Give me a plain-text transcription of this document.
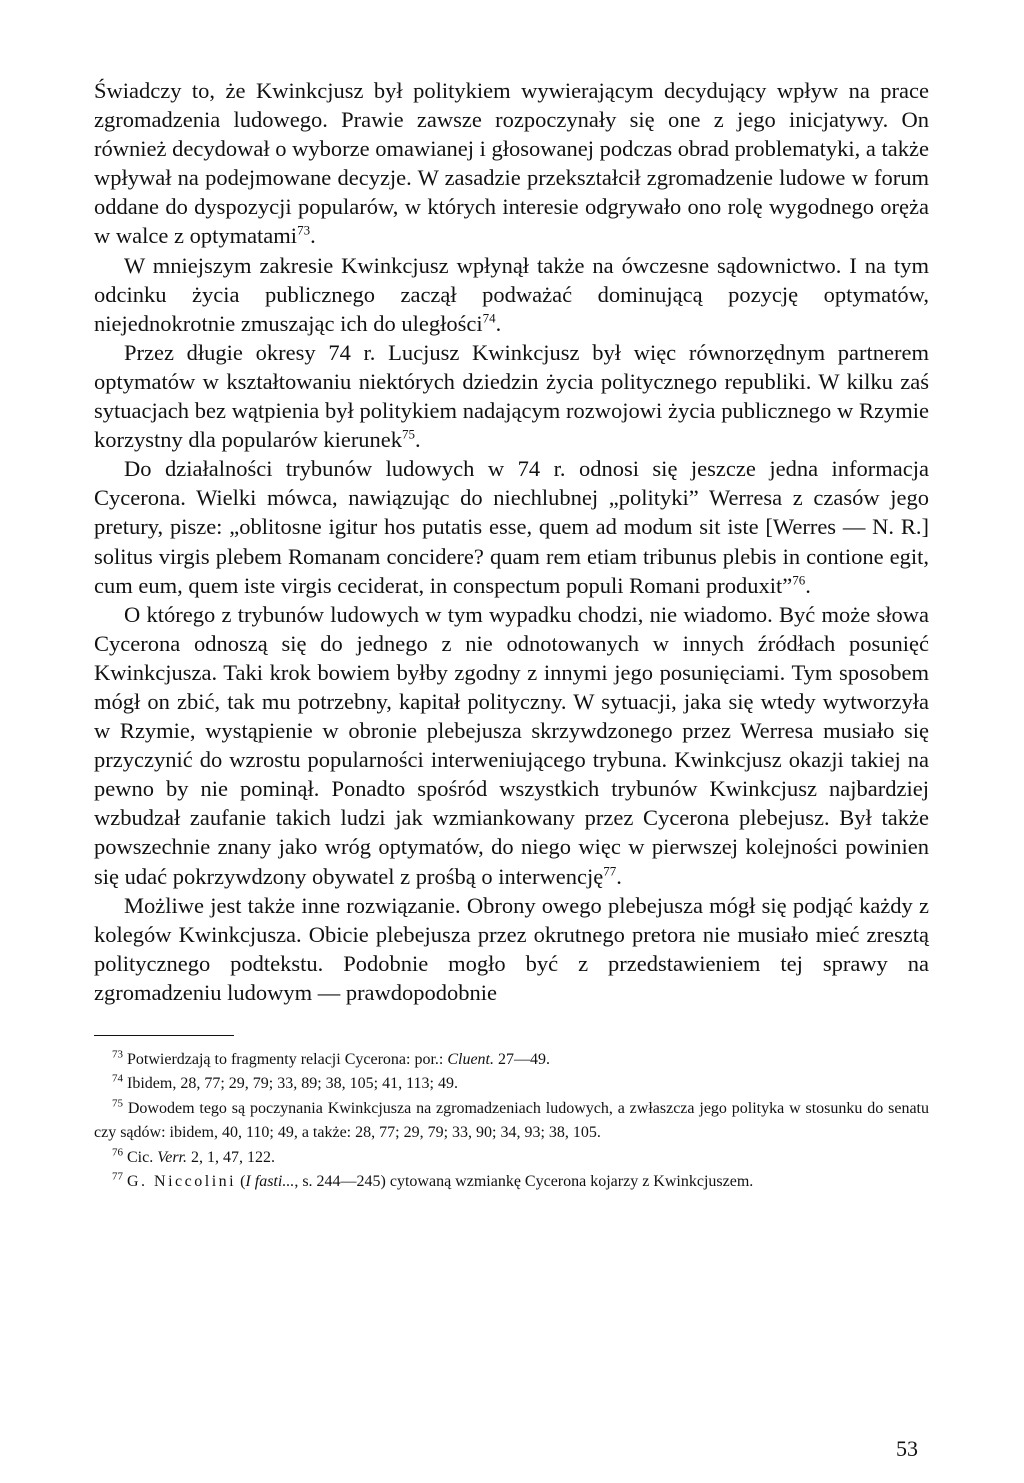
Świadczy to, że Kwinkcjusz był politykiem wywierającym decydujący wpływ na prace zgromadzenia ludowego. Prawie zawsze rozpoczynały się one z jego inicjatywy. On również decydował o wyborze omawianej i głosowanej podczas obrad problematyki, a także wpływał na podejmowane decyzje. W zasadzie przekształcił zgromadzenie ludowe w forum oddane do dyspozycji popularów, w których interesie odgrywało ono rolę wygodnego oręża w walce z optymatami$^{73}$.

W mniejszym zakresie Kwinkcjusz wpłynął także na ówczesne sądownictwo. I na tym odcinku życia publicznego zaczął podważać dominującą pozycję optymatów, niejednokrotnie zmuszając ich do uległości$^{74}$.

Przez długie okresy 74 r. Lucjusz Kwinkcjusz był więc równorzędnym partnerem optymatów w kształtowaniu niektórych dziedzin życia politycznego republiki. W kilku zaś sytuacjach bez wątpienia był politykiem nadającym rozwojowi życia publicznego w Rzymie korzystny dla popularów kierunek$^{75}$.

Do działalności trybunów ludowych w 74 r. odnosi się jeszcze jedna informacja Cycerona. Wielki mówca, nawiązując do niechlubnej „polityki” Werresa z czasów jego pretury, pisze: „oblitosne igitur hos putatis esse, quem ad modum sit iste [Werres — N. R.] solitus virgis plebem Romanam concidere? quam rem etiam tribunus plebis in contione egit, cum eum, quem iste virgis ceciderat, in conspectum populi Romani produxit”$^{76}$.

O którego z trybunów ludowych w tym wypadku chodzi, nie wiadomo. Być może słowa Cycerona odnoszą się do jednego z nie odnotowanych w innych źródłach posunięć Kwinkcjusza. Taki krok bowiem byłby zgodny z innymi jego posunięciami. Tym sposobem mógł on zbić, tak mu potrzebny, kapitał polityczny. W sytuacji, jaka się wtedy wytworzyła w Rzymie, wystąpienie w obronie plebejusza skrzywdzonego przez Werresa musiało się przyczynić do wzrostu popularności interweniującego trybuna. Kwinkcjusz okazji takiej na pewno by nie pominął. Ponadto spośród wszystkich trybunów Kwinkcjusz najbardziej wzbudzał zaufanie takich ludzi jak wzmiankowany przez Cycerona plebejusz. Był także powszechnie znany jako wróg optymatów, do niego więc w pierwszej kolejności powinien się udać pokrzywdzony obywatel z prośbą o interwencję$^{77}$.

Możliwe jest także inne rozwiązanie. Obrony owego plebejusza mógł się podjąć każdy z kolegów Kwinkcjusza. Obicie plebejusza przez okrutnego pretora nie musiało mieć zresztą politycznego podtekstu. Podobnie mogło być z przedstawieniem tej sprawy na zgromadzeniu ludowym — prawdopodobnie

$^{73}$ Potwierdzają to fragmenty relacji Cycerona: por.: Cluent. 27—49.

$^{74}$ Ibidem, 28, 77; 29, 79; 33, 89; 38, 105; 41, 113; 49.

$^{75}$ Dowodem tego są poczynania Kwinkcjusza na zgromadzeniach ludowych, a zwłaszcza jego polityka w stosunku do senatu czy sądów: ibidem, 40, 110; 49, a także: 28, 77; 29, 79; 33, 90; 34, 93; 38, 105.

$^{76}$ Cic. Verr. 2, 1, 47, 122.

$^{77}$ G. Niccolini (I fasti..., s. 244—245) cytowaną wzmiankę Cycerona kojarzy z Kwinkcjuszem.

53
